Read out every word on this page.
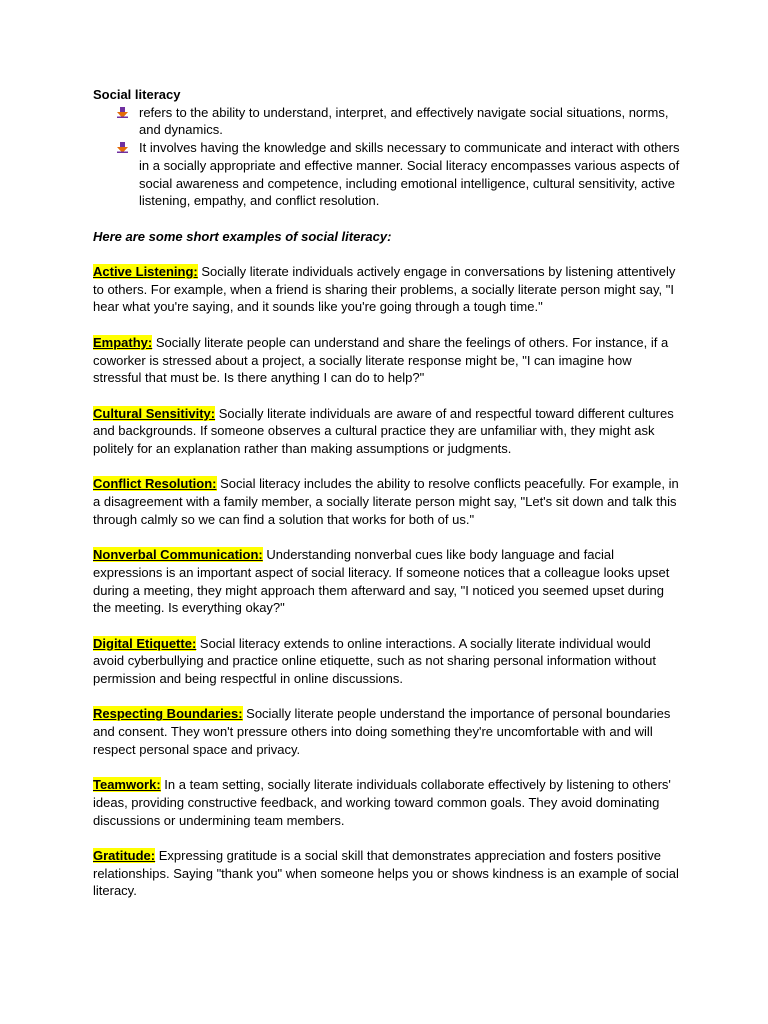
Social literacy

refers to the ability to understand, interpret, and effectively navigate social situations, norms, and dynamics.
It involves having the knowledge and skills necessary to communicate and interact with others in a socially appropriate and effective manner. Social literacy encompasses various aspects of social awareness and competence, including emotional intelligence, cultural sensitivity, active listening, empathy, and conflict resolution.

Here are some short examples of social literacy:

Active Listening: Socially literate individuals actively engage in conversations by listening attentively to others. For example, when a friend is sharing their problems, a socially literate person might say, "I hear what you're saying, and it sounds like you're going through a tough time."

Empathy: Socially literate people can understand and share the feelings of others. For instance, if a coworker is stressed about a project, a socially literate response might be, "I can imagine how stressful that must be. Is there anything I can do to help?"

Cultural Sensitivity: Socially literate individuals are aware of and respectful toward different cultures and backgrounds. If someone observes a cultural practice they are unfamiliar with, they might ask politely for an explanation rather than making assumptions or judgments.

Conflict Resolution: Social literacy includes the ability to resolve conflicts peacefully. For example, in a disagreement with a family member, a socially literate person might say, "Let's sit down and talk this through calmly so we can find a solution that works for both of us."

Nonverbal Communication: Understanding nonverbal cues like body language and facial expressions is an important aspect of social literacy. If someone notices that a colleague looks upset during a meeting, they might approach them afterward and say, "I noticed you seemed upset during the meeting. Is everything okay?"

Digital Etiquette: Social literacy extends to online interactions. A socially literate individual would avoid cyberbullying and practice online etiquette, such as not sharing personal information without permission and being respectful in online discussions.

Respecting Boundaries: Socially literate people understand the importance of personal boundaries and consent. They won't pressure others into doing something they're uncomfortable with and will respect personal space and privacy.

Teamwork: In a team setting, socially literate individuals collaborate effectively by listening to others' ideas, providing constructive feedback, and working toward common goals. They avoid dominating discussions or undermining team members.

Gratitude: Expressing gratitude is a social skill that demonstrates appreciation and fosters positive relationships. Saying "thank you" when someone helps you or shows kindness is an example of social literacy.
